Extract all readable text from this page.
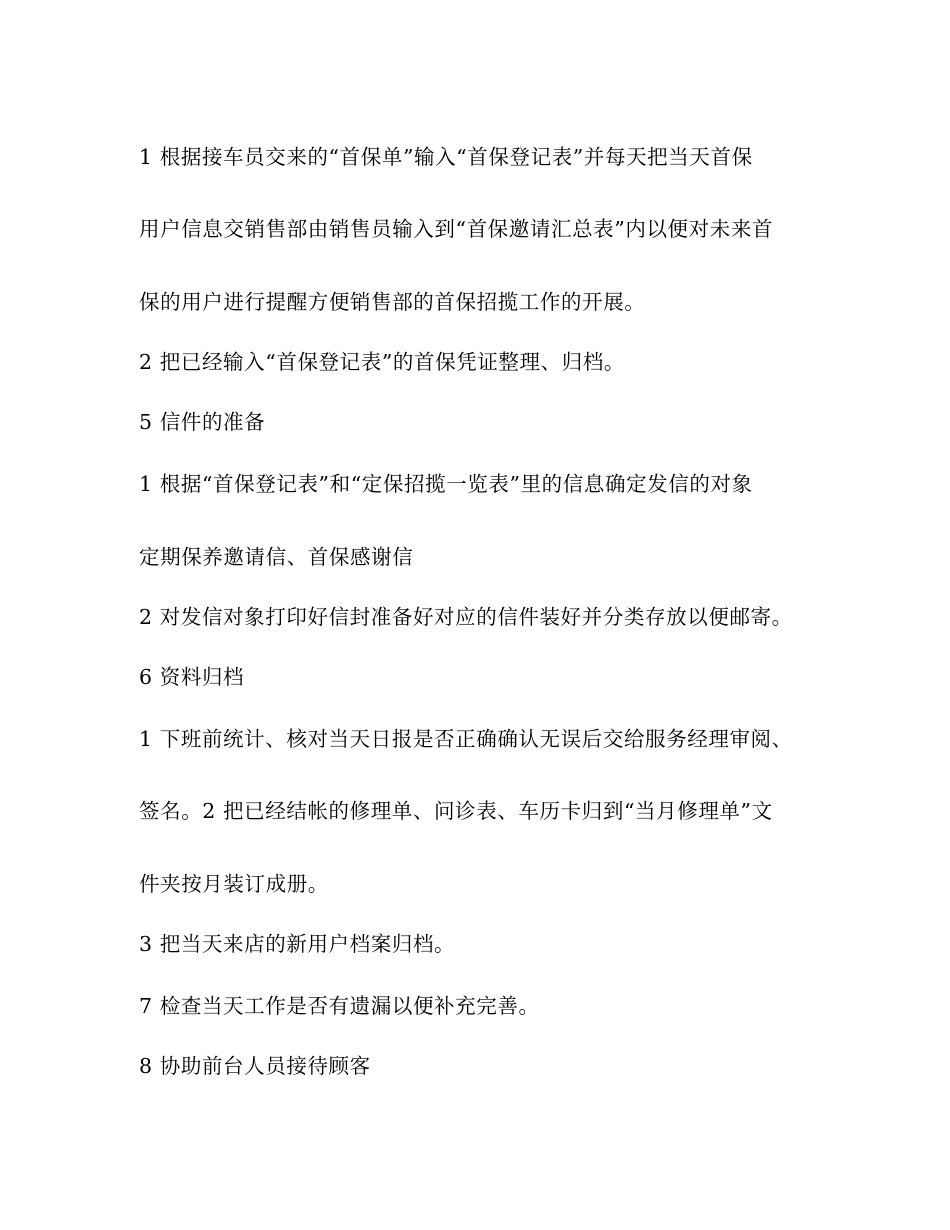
1 根据接车员交来的“首保单”输入“首保登记表”并每天把当天首保
用户信息交销售部由销售员输入到“首保邀请汇总表”内以便对未来首
保的用户进行提醒方便销售部的首保招揽工作的开展。
2 把已经输入“首保登记表”的首保凭证整理、归档。
5 信件的准备
1 根据“首保登记表”和“定保招揽一览表”里的信息确定发信的对象
定期保养邀请信、首保感谢信
2 对发信对象打印好信封准备好对应的信件装好并分类存放以便邮寄。
6 资料归档
1 下班前统计、核对当天日报是否正确确认无误后交给服务经理审阅、
签名。2 把已经结帐的修理单、问诊表、车历卡归到“当月修理单”文
件夹按月装订成册。
3 把当天来店的新用户档案归档。
7 检查当天工作是否有遗漏以便补充完善。
8 协助前台人员接待顾客
